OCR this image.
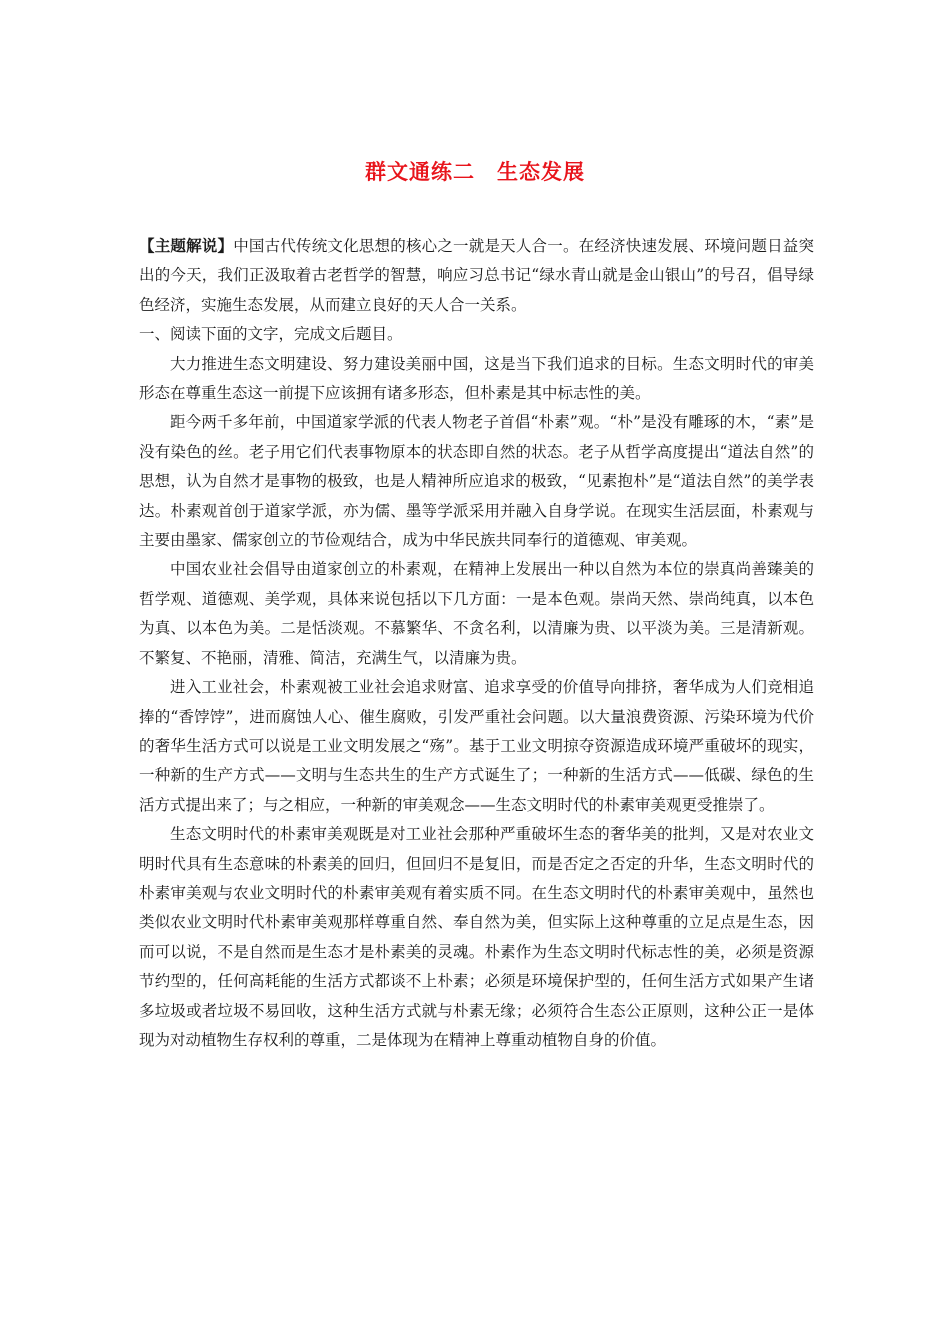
群文通练二　生态发展

【主题解说】中国古代传统文化思想的核心之一就是天人合一。在经济快速发展、环境问题日益突出的今天，我们正汲取着古老哲学的智慧，响应习总书记“绿水青山就是金山银山”的号召，倡导绿色经济，实施生态发展，从而建立良好的天人合一关系。

一、阅读下面的文字，完成文后题目。

大力推进生态文明建设、努力建设美丽中国，这是当下我们追求的目标。生态文明时代的审美形态在尊重生态这一前提下应该拥有诸多形态，但朴素是其中标志性的美。

距今两千多年前，中国道家学派的代表人物老子首倡“朴素”观。“朴”是没有雕琢的木，“素”是没有染色的丝。老子用它们代表事物原本的状态即自然的状态。老子从哲学高度提出“道法自然”的思想，认为自然才是事物的极致，也是人精神所应追求的极致，“见素抱朴”是“道法自然”的美学表达。朴素观首创于道家学派，亦为儒、墨等学派采用并融入自身学说。在现实生活层面，朴素观与主要由墨家、儒家创立的节俭观结合，成为中华民族共同奉行的道德观、审美观。

中国农业社会倡导由道家创立的朴素观，在精神上发展出一种以自然为本位的崇真尚善臻美的哲学观、道德观、美学观，具体来说包括以下几方面：一是本色观。崇尚天然、崇尚纯真，以本色为真、以本色为美。二是恬淡观。不慕繁华、不贪名利，以清廉为贵、以平淡为美。三是清新观。不繁复、不艳丽，清雅、简洁，充满生气，以清廉为贵。

进入工业社会，朴素观被工业社会追求财富、追求享受的价值导向排挤，奢华成为人们竞相追捧的“香饽饽”，进而腐蚀人心、催生腐败，引发严重社会问题。以大量浪费资源、污染环境为代价的奢华生活方式可以说是工业文明发展之“殇”。基于工业文明掠夺资源造成环境严重破坏的现实，一种新的生产方式——文明与生态共生的生产方式诞生了；一种新的生活方式——低碳、绿色的生活方式提出来了；与之相应，一种新的审美观念——生态文明时代的朴素审美观更受推崇了。

生态文明时代的朴素审美观既是对工业社会那种严重破坏生态的奢华美的批判，又是对农业文明时代具有生态意味的朴素美的回归，但回归不是复旧，而是否定之否定的升华，生态文明时代的朴素审美观与农业文明时代的朴素审美观有着实质不同。在生态文明时代的朴素审美观中，虽然也类似农业文明时代朴素审美观那样尊重自然、奉自然为美，但实际上这种尊重的立足点是生态，因而可以说，不是自然而是生态才是朴素美的灵魂。朴素作为生态文明时代标志性的美，必须是资源节约型的，任何高耗能的生活方式都谈不上朴素；必须是环境保护型的，任何生活方式如果产生诸多垃圾或者垃圾不易回收，这种生活方式就与朴素无缘；必须符合生态公正原则，这种公正一是体现为对动植物生存权利的尊重，二是体现为在精神上尊重动植物自身的价值。
